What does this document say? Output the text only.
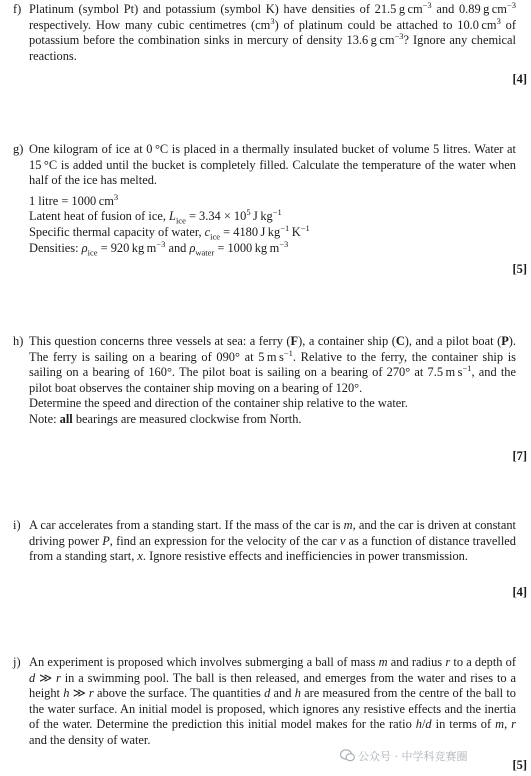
f) Platinum (symbol Pt) and potassium (symbol K) have densities of 21.5 g $cm^{-3}$ and 0.89 g $cm^{-3}$ respectively. How many cubic centimetres $(cm^3)$ of platinum could be attached to 10.0 $cm^3$ of potassium before the combination sinks in mercury of density 13.6 g $cm^{-3}$? Ignore any chemical reactions.
[4]
g) One kilogram of ice at 0 °C is placed in a thermally insulated bucket of volume 5 litres. Water at 15 °C is added until the bucket is completely filled. Calculate the temperature of the water when half of the ice has melted.

1 litre = 1000 $cm^3$

Latent heat of fusion of ice, $L_{ice} = 3.34 \times 10^5$ J $kg^{-1}$

Specific thermal capacity of water, $c_{ice} = 4180$ J $kg^{-1}$ $K^{-1}$

Densities: $\rho_{ice} = 920$ kg $m^{-3}$ and $\rho_{water} = 1000$ kg $m^{-3}$

[5]
h) This question concerns three vessels at sea: a ferry (F), a container ship (C), and a pilot boat (P). The ferry is sailing on a bearing of 090° at 5 m $s^{-1}$. Relative to the ferry, the container ship is sailing on a bearing of 160°. The pilot boat is sailing on a bearing of 270° at 7.5 m $s^{-1}$, and the pilot boat observes the container ship moving on a bearing of 120°.

Determine the speed and direction of the container ship relative to the water.

Note: all bearings are measured clockwise from North.

[7]
i) A car accelerates from a standing start. If the mass of the car is m, and the car is driven at constant driving power P, find an expression for the velocity of the car v as a function of distance travelled from a standing start, x. Ignore resistive effects and inefficiencies in power transmission.
[4]
j) An experiment is proposed which involves submerging a ball of mass m and radius r to a depth of d ≫ r in a swimming pool. The ball is then released, and emerges from the water and rises to a height h ≫ r above the surface. The quantities d and h are measured from the centre of the ball to the water surface. An initial model is proposed, which ignores any resistive effects and the inertia of the water. Determine the prediction this initial model makes for the ratio h/d in terms of m, r and the density of water.
[5]
公众号 · 中学科竞赛圈
